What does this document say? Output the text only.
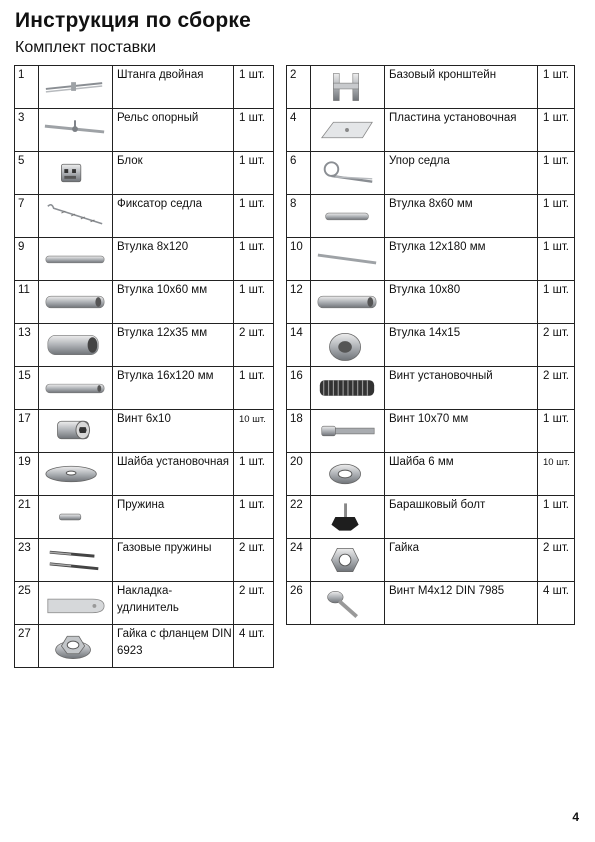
Инструкция по сборке
Комплект поставки
1		Штанга двойная	1 шт.
3		Рельс опорный	1 шт.
5		Блок	1 шт.
7		Фиксатор седла	1 шт.
9		Втулка 8х120	1 шт.
11		Втулка 10х60 мм	1 шт.
13		Втулка 12х35 мм	2 шт.
15		Втулка 16х120 мм	1 шт.
17		Винт 6х10	10 шт.
19		Шайба установочная	1 шт.
21		Пружина	1 шт.
23		Газовые пружины	2 шт.
25		Накладка-удлинитель	2 шт.
27		Гайка с фланцем DIN 6923	4 шт.
2		Базовый кронштейн	1 шт.
4		Пластина установочная	1 шт.
6		Упор седла	1 шт.
8		Втулка 8х60 мм	1 шт.
10		Втулка 12х180 мм	1 шт.
12		Втулка 10х80	1 шт.
14		Втулка 14х15	2 шт.
16		Винт установочный	2 шт.
18		Винт 10х70 мм	1 шт.
20		Шайба 6 мм	10 шт.
22		Барашковый болт	1 шт.
24		Гайка	2 шт.
26		Винт М4х12 DIN 7985	4 шт.
4
